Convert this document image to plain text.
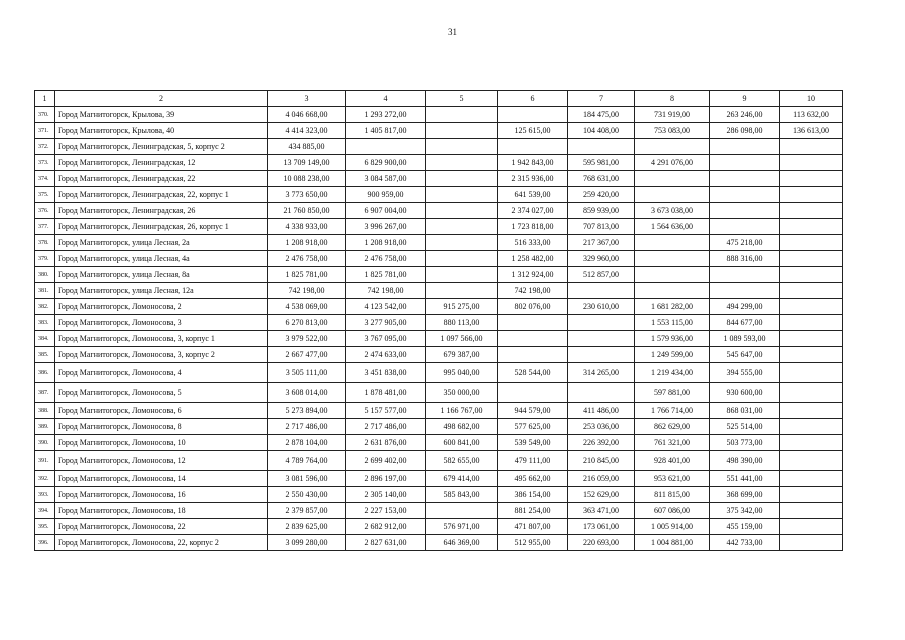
31
1	2	3	4	5	6	7	8	9	10
370.	Город Магнитогорск, Крылова, 39	4 046 668,00	1 293 272,00			184 475,00	731 919,00	263 246,00	113 632,00
371.	Город Магнитогорск, Крылова, 40	4 414 323,00	1 405 817,00		125 615,00	104 408,00	753 083,00	286 098,00	136 613,00
372.	Город Магнитогорск, Ленинградская, 5, корпус 2	434 885,00							
373.	Город Магнитогорск, Ленинградская, 12	13 709 149,00	6 829 900,00		1 942 843,00	595 981,00	4 291 076,00		
374.	Город Магнитогорск, Ленинградская, 22	10 088 238,00	3 084 587,00		2 315 936,00	768 631,00			
375.	Город Магнитогорск, Ленинградская, 22, корпус 1	3 773 650,00	900 959,00		641 539,00	259 420,00			
376.	Город Магнитогорск, Ленинградская, 26	21 760 850,00	6 907 004,00		2 374 027,00	859 939,00	3 673 038,00		
377.	Город Магнитогорск, Ленинградская, 26, корпус 1	4 338 933,00	3 996 267,00		1 723 818,00	707 813,00	1 564 636,00		
378.	Город Магнитогорск, улица Лесная, 2а	1 208 918,00	1 208 918,00		516 333,00	217 367,00		475 218,00	
379.	Город Магнитогорск, улица Лесная, 4а	2 476 758,00	2 476 758,00		1 258 482,00	329 960,00		888 316,00	
380.	Город Магнитогорск, улица Лесная, 8а	1 825 781,00	1 825 781,00		1 312 924,00	512 857,00			
381.	Город Магнитогорск, улица Лесная, 12а	742 198,00	742 198,00		742 198,00				
382.	Город Магнитогорск, Ломоносова, 2	4 538 069,00	4 123 542,00	915 275,00	802 076,00	230 610,00	1 681 282,00	494 299,00	
383.	Город Магнитогорск, Ломоносова, 3	6 270 813,00	3 277 905,00	880 113,00			1 553 115,00	844 677,00	
384.	Город Магнитогорск, Ломоносова, 3, корпус 1	3 979 522,00	3 767 095,00	1 097 566,00			1 579 936,00	1 089 593,00	
385.	Город Магнитогорск, Ломоносова, 3, корпус 2	2 667 477,00	2 474 633,00	679 387,00			1 249 599,00	545 647,00	
386.	Город Магнитогорск, Ломоносова, 4	3 505 111,00	3 451 838,00	995 040,00	528 544,00	314 265,00	1 219 434,00	394 555,00	
387.	Город Магнитогорск, Ломоносова, 5	3 608 014,00	1 878 481,00	350 000,00			597 881,00	930 600,00	
388.	Город Магнитогорск, Ломоносова, 6	5 273 894,00	5 157 577,00	1 166 767,00	944 579,00	411 486,00	1 766 714,00	868 031,00	
389.	Город Магнитогорск, Ломоносова, 8	2 717 486,00	2 717 486,00	498 682,00	577 625,00	253 036,00	862 629,00	525 514,00	
390.	Город Магнитогорск, Ломоносова, 10	2 878 104,00	2 631 876,00	600 841,00	539 549,00	226 392,00	761 321,00	503 773,00	
391.	Город Магнитогорск, Ломоносова, 12	4 789 764,00	2 699 402,00	582 655,00	479 111,00	210 845,00	928 401,00	498 390,00	
392.	Город Магнитогорск, Ломоносова, 14	3 081 596,00	2 896 197,00	679 414,00	495 662,00	216 059,00	953 621,00	551 441,00	
393.	Город Магнитогорск, Ломоносова, 16	2 550 430,00	2 305 140,00	585 843,00	386 154,00	152 629,00	811 815,00	368 699,00	
394.	Город Магнитогорск, Ломоносова, 18	2 379 857,00	2 227 153,00		881 254,00	363 471,00	607 086,00	375 342,00	
395.	Город Магнитогорск, Ломоносова, 22	2 839 625,00	2 682 912,00	576 971,00	471 807,00	173 061,00	1 005 914,00	455 159,00	
396.	Город Магнитогорск, Ломоносова, 22, корпус 2	3 099 280,00	2 827 631,00	646 369,00	512 955,00	220 693,00	1 004 881,00	442 733,00	
